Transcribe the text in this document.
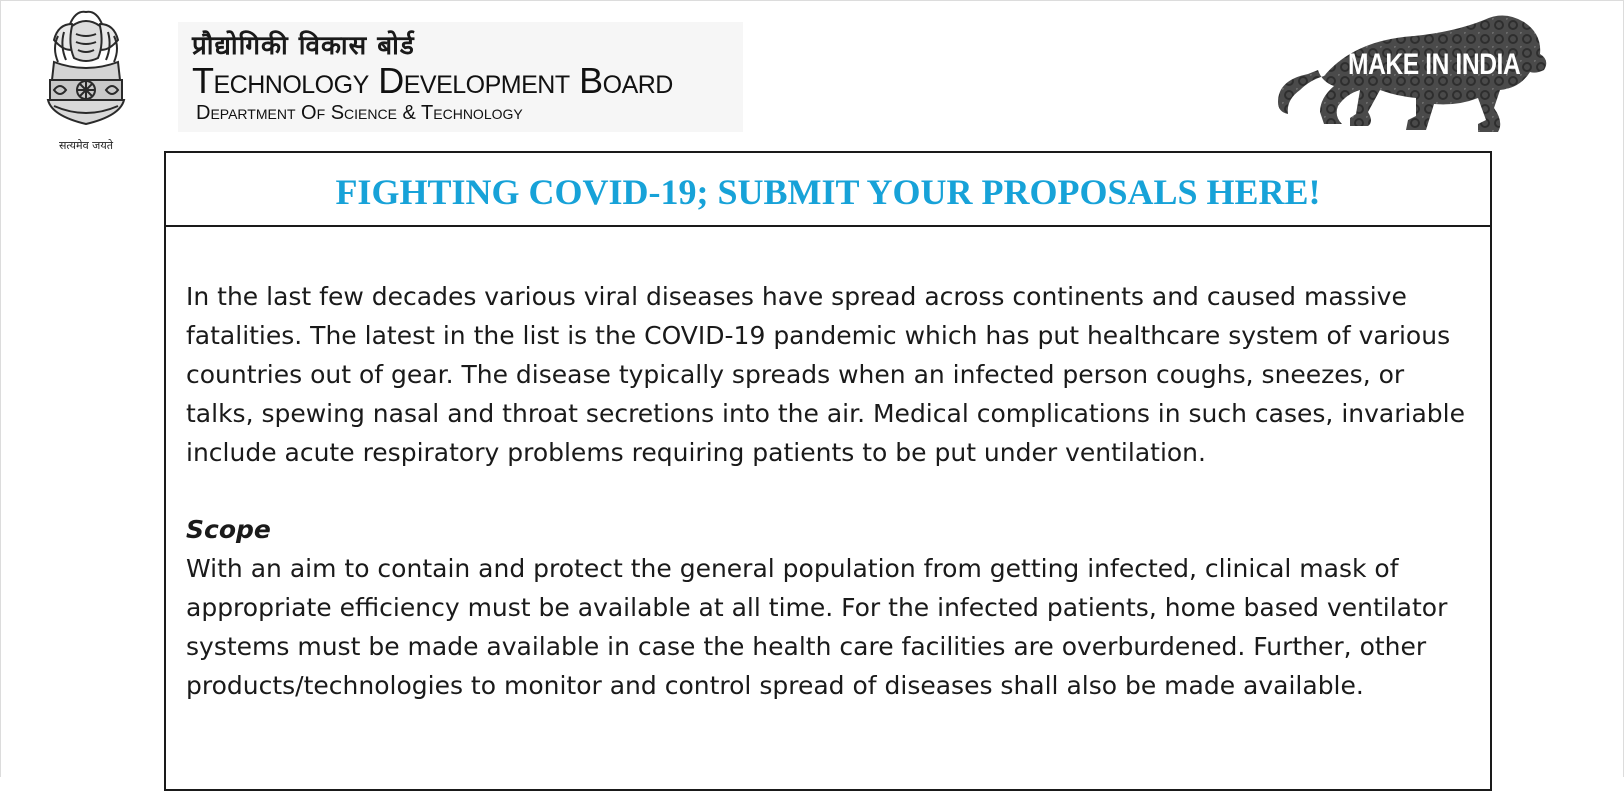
सत्यमेव जयते
प्रौद्योगिकी विकास बोर्ड
Technology Development Board
Department Of Science & Technology
MAKE IN INDIA
FIGHTING COVID-19; SUBMIT YOUR PROPOSALS HERE!

In the last few decades various viral diseases have spread across continents and caused massive fatalities. The latest in the list is the COVID-19 pandemic which has put healthcare system of various countries out of gear. The disease typically spreads when an infected person coughs, sneezes, or talks, spewing nasal and throat secretions into the air. Medical complications in such cases, invariable include acute respiratory problems requiring patients to be put under ventilation.

Scope

With an aim to contain and protect the general population from getting infected, clinical mask of appropriate efficiency must be available at all time. For the infected patients, home based ventilator systems must be made available in case the health care facilities are overburdened. Further, other products/technologies to monitor and control spread of diseases shall also be made available.
